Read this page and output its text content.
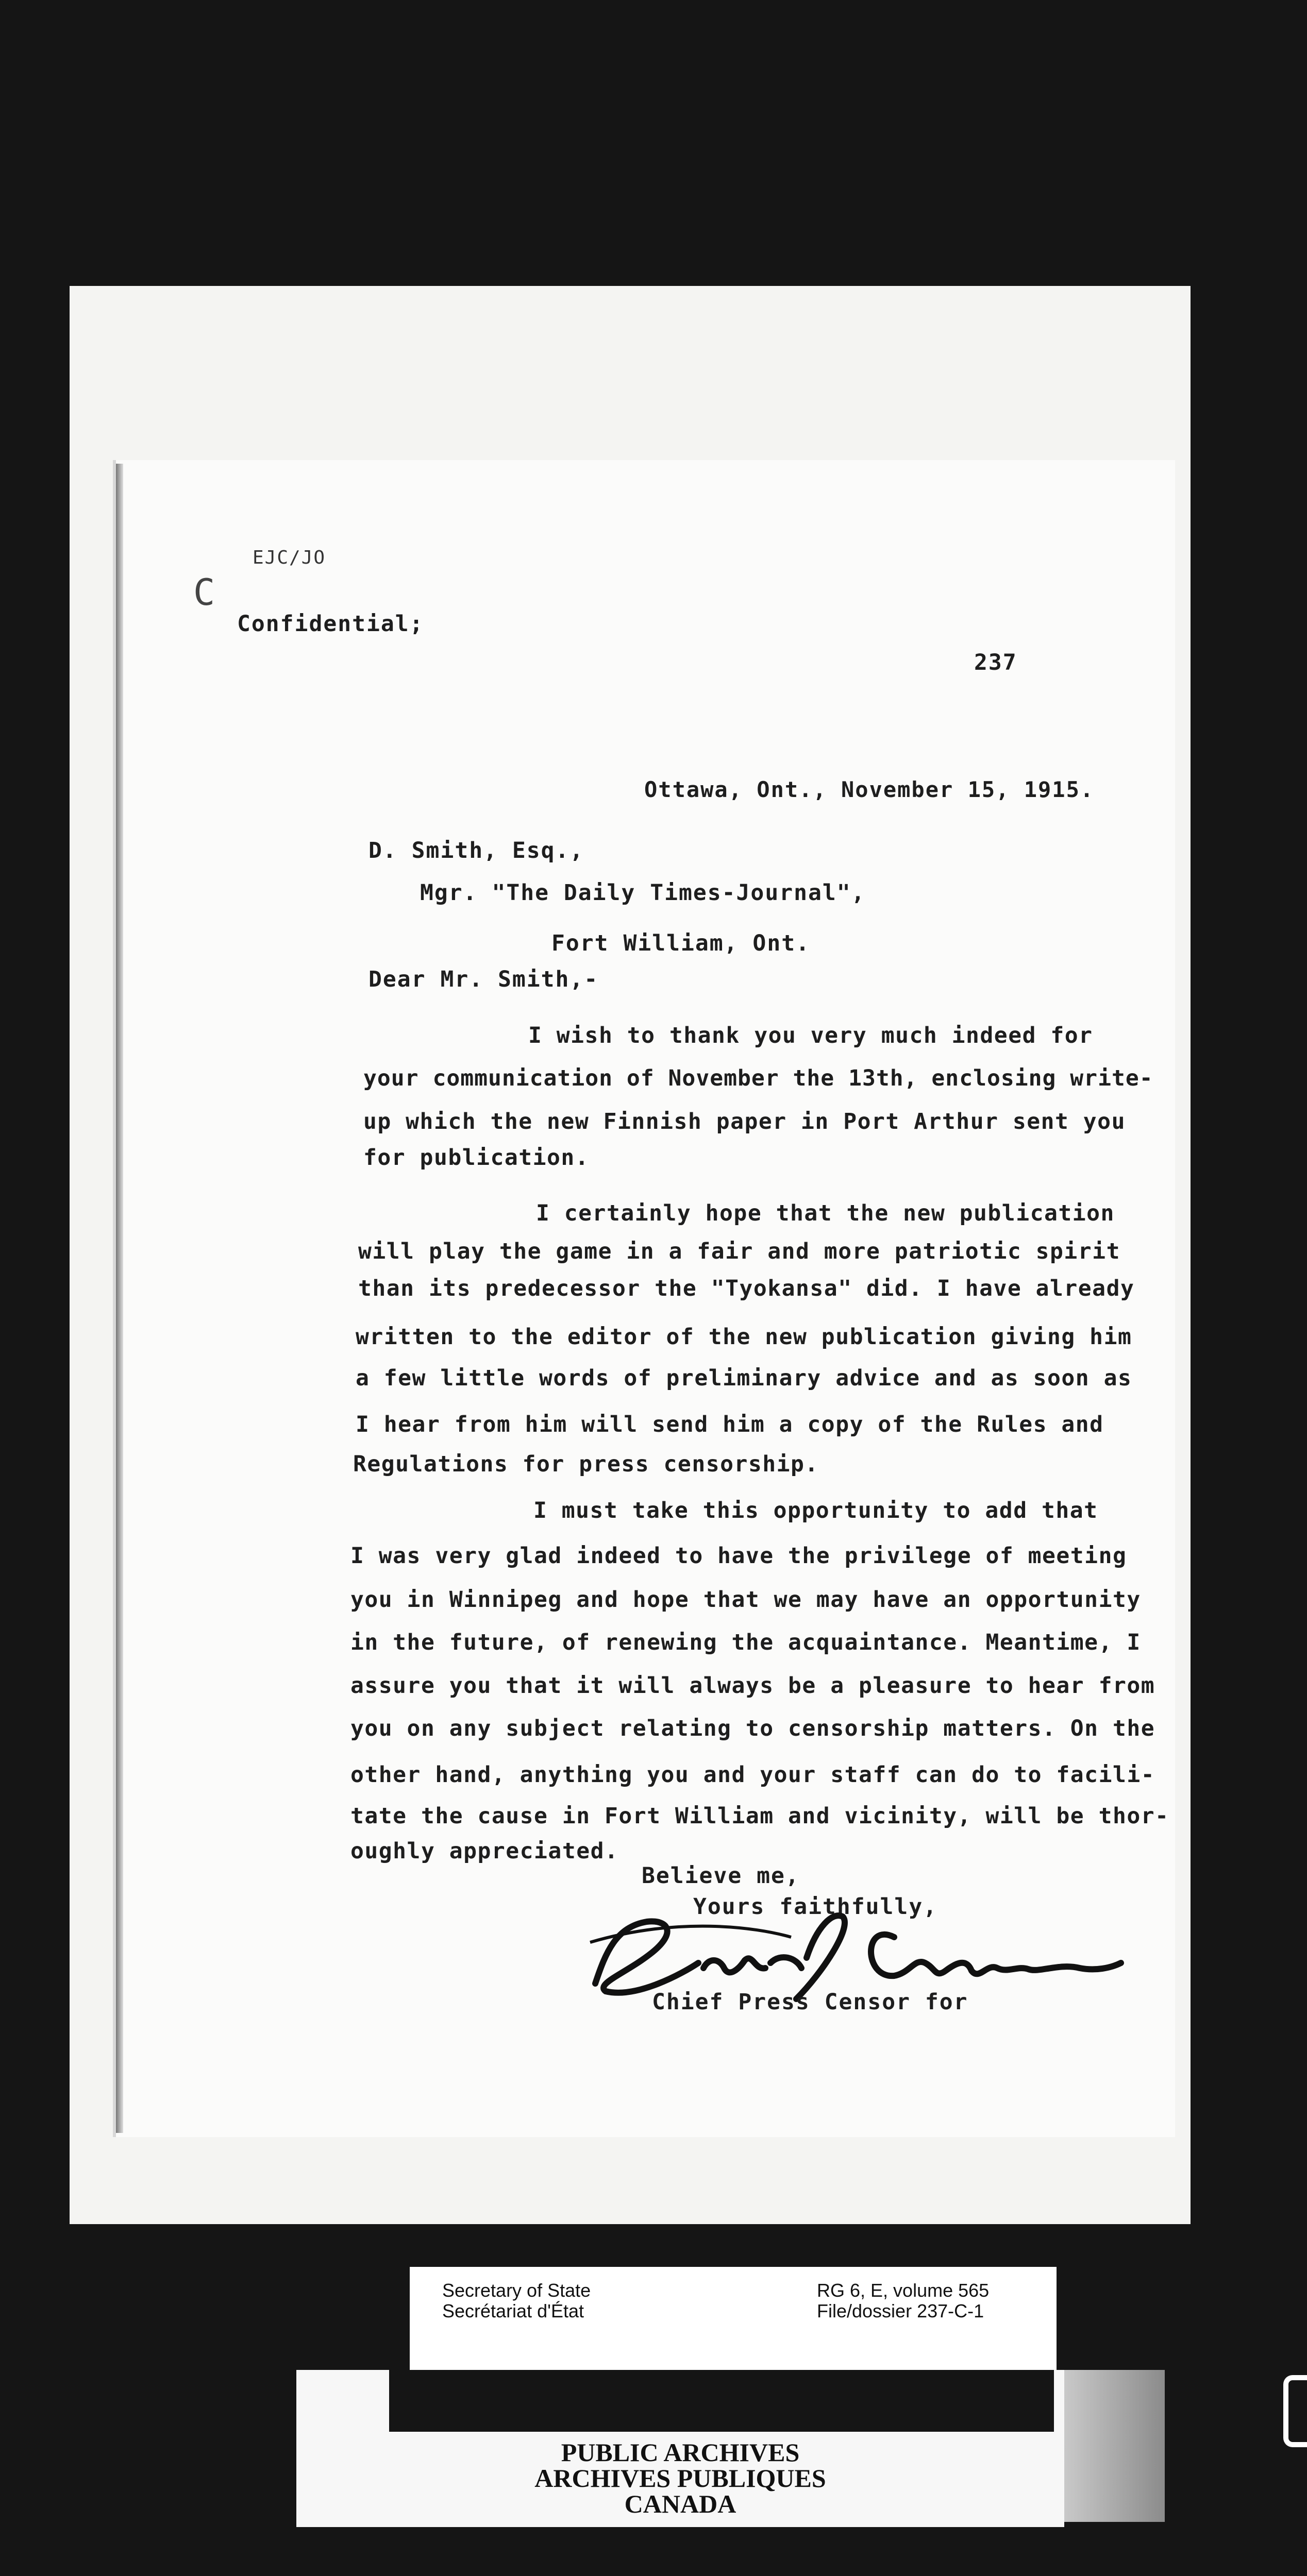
C
EJC/JO
Confidential;
237
Ottawa, Ont., November 15, 1915.
D. Smith, Esq.,
Mgr. "The Daily Times-Journal",
Fort William, Ont.
Dear Mr. Smith,-
I wish to thank you very much indeed for
your communication of November the 13th, enclosing write-
up which the new Finnish paper in Port Arthur sent you
for publication.
I certainly hope that the new publication
will play the game in a fair and more patriotic spirit
than its predecessor the "Tyokansa" did. I have already
written to the editor of the new publication giving him
a few little words of preliminary advice and as soon as
I hear from him will send him a copy of the Rules and
Regulations for press censorship.
I must take this opportunity to add that
I was very glad indeed to have the privilege of meeting
you in Winnipeg and hope that we may have an opportunity
in the future, of renewing the acquaintance. Meantime, I
assure you that it will always be a pleasure to hear from
you on any subject relating to censorship matters. On the
other hand, anything you and your staff can do to facili-
tate the cause in Fort William and vicinity, will be thor-
oughly appreciated.
Believe me,
Yours faithfully,
Chief Press Censor for
Secretary of State
Secrétariat d'État
RG 6, E, volume 565
File/dossier 237-C-1
PUBLIC ARCHIVES
ARCHIVES PUBLIQUES
CANADA
